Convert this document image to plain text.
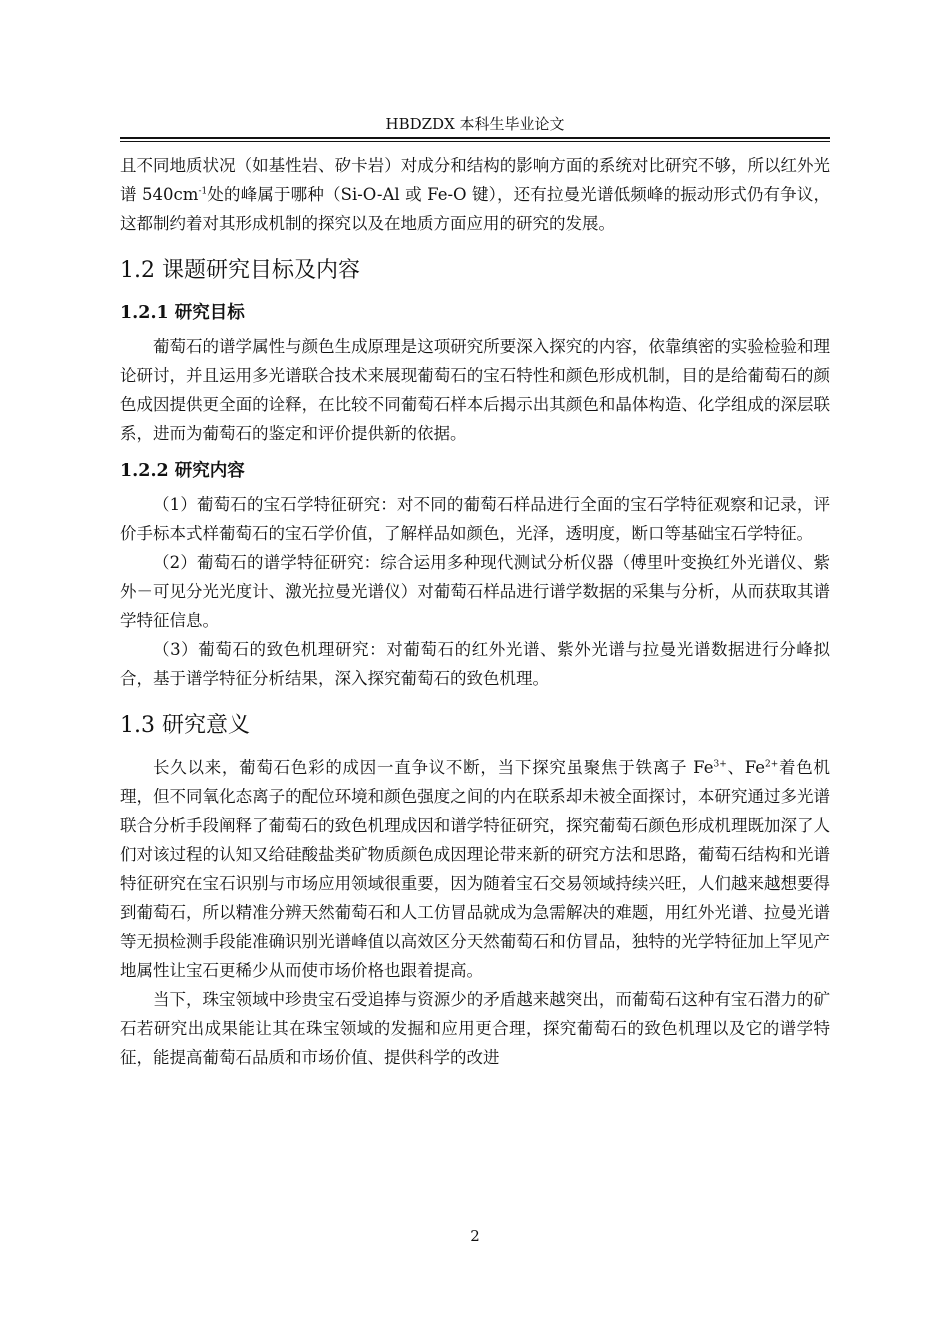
HBDZDX 本科生毕业论文

且不同地质状况（如基性岩、矽卡岩）对成分和结构的影响方面的系统对比研究不够，所以红外光谱 $540cm^{-1}$处的峰属于哪种（Si-O-Al 或 Fe-O 键），还有拉曼光谱低频峰的振动形式仍有争议，这都制约着对其形成机制的探究以及在地质方面应用的研究的发展。

1.2 课题研究目标及内容
1.2.1 研究目标

葡萄石的谱学属性与颜色生成原理是这项研究所要深入探究的内容，依靠缜密的实验检验和理论研讨，并且运用多光谱联合技术来展现葡萄石的宝石特性和颜色形成机制，目的是给葡萄石的颜色成因提供更全面的诠释，在比较不同葡萄石样本后揭示出其颜色和晶体构造、化学组成的深层联系，进而为葡萄石的鉴定和评价提供新的依据。

1.2.2 研究内容

（1）葡萄石的宝石学特征研究：对不同的葡萄石样品进行全面的宝石学特征观察和记录，评价手标本式样葡萄石的宝石学价值，了解样品如颜色，光泽，透明度，断口等基础宝石学特征。

（2）葡萄石的谱学特征研究：综合运用多种现代测试分析仪器（傅里叶变换红外光谱仪、紫外－可见分光光度计、激光拉曼光谱仪）对葡萄石样品进行谱学数据的采集与分析，从而获取其谱学特征信息。

（3）葡萄石的致色机理研究：对葡萄石的红外光谱、紫外光谱与拉曼光谱数据进行分峰拟合，基于谱学特征分析结果，深入探究葡萄石的致色机理。

1.3 研究意义

长久以来，葡萄石色彩的成因一直争议不断，当下探究虽聚焦于铁离子 $Fe^{3+}$、$Fe^{2+}$着色机理，但不同氧化态离子的配位环境和颜色强度之间的内在联系却未被全面探讨，本研究通过多光谱联合分析手段阐释了葡萄石的致色机理成因和谱学特征研究，探究葡萄石颜色形成机理既加深了人们对该过程的认知又给硅酸盐类矿物质颜色成因理论带来新的研究方法和思路，葡萄石结构和光谱特征研究在宝石识别与市场应用领域很重要，因为随着宝石交易领域持续兴旺，人们越来越想要得到葡萄石，所以精准分辨天然葡萄石和人工仿冒品就成为急需解决的难题，用红外光谱、拉曼光谱等无损检测手段能准确识别光谱峰值以高效区分天然葡萄石和仿冒品，独特的光学特征加上罕见产地属性让宝石更稀少从而使市场价格也跟着提高。

当下，珠宝领域中珍贵宝石受追捧与资源少的矛盾越来越突出，而葡萄石这种有宝石潜力的矿石若研究出成果能让其在珠宝领域的发掘和应用更合理，探究葡萄石的致色机理以及它的谱学特征，能提高葡萄石品质和市场价值、提供科学的改进

2
